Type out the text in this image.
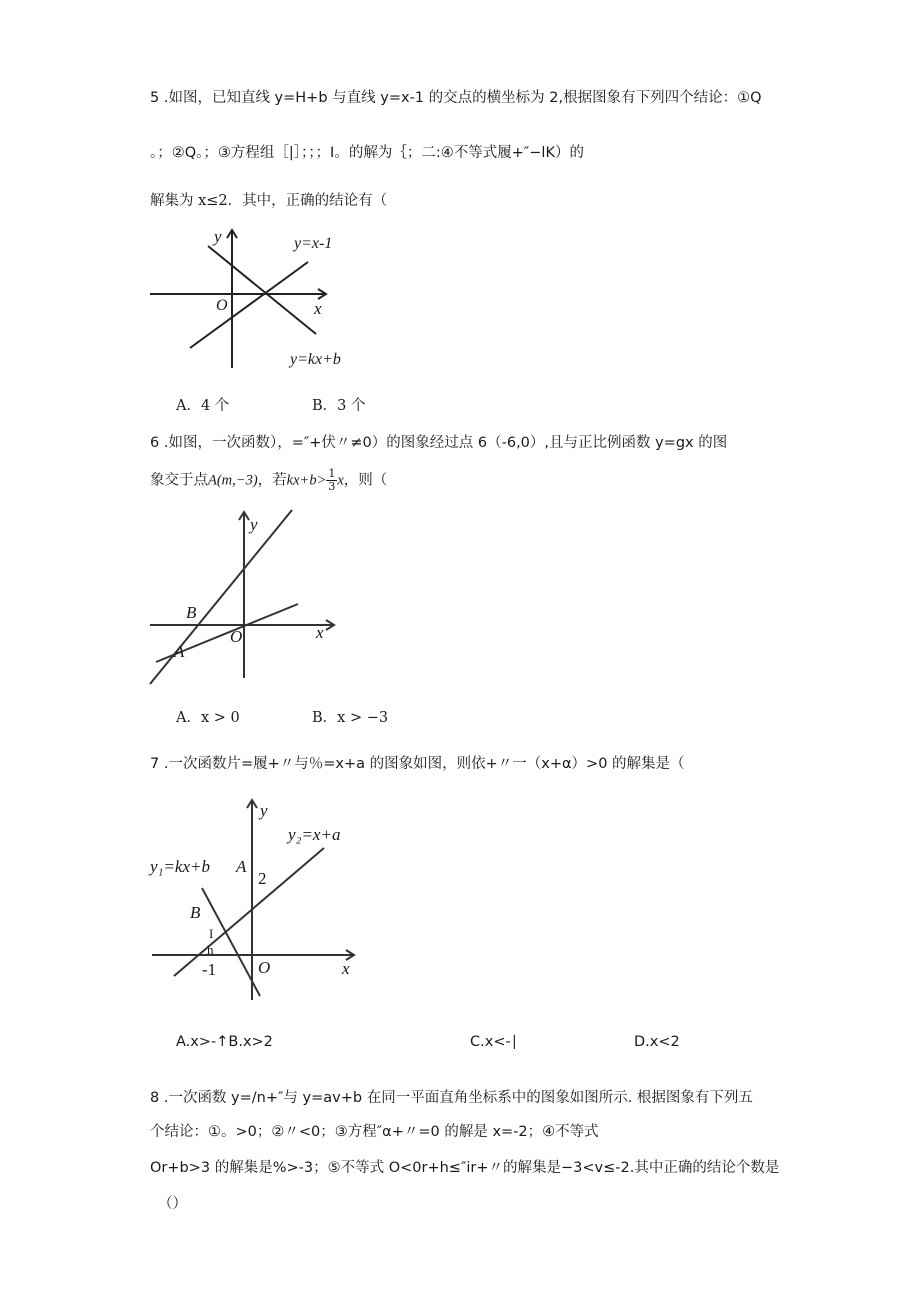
5 .如图，已知直线 y=H+b 与直线 y=x-1 的交点的横坐标为 2,根据图象有下列四个结论：①Q
。；②Q。；③方程组［|］；；；I。的解为｛；二:④不等式履+″−lK）的
解集为 x≤2．其中，正确的结论有（
y
x
O
y=x-1
y=kx+b
A．4 个	B．3 个
6 .如图，一次函数），=″+伏〃≠0）的图象经过点 6（-6,0）,且与正比例函数 y=gx 的图
象交于点A(m,−3)，若$kx+b> \frac{1}{3}$ x，则（
y
x
O
B
A
A．x > 0	B．x > −3
7 .一次函数片=履+〃与％=x+a 的图象如图，则依+〃一（x+α）>0 的解集是（
y
x
O
y₂=x+a
y₁=kx+b A
B
2
-1
I
h
A.x>-↑B.x>2	C.x<-∣	D.x<2
8 .一次函数 y=/n+″与 y=av+b 在同一平面直角坐标系中的图象如图所示. 根据图象有下列五
个结论：①。>0；②〃<0；③方程″α+〃=0 的解是 x=-2；④不等式
Or+b>3 的解集是%>-3；⑤不等式 O<0r+h≤″ir+〃的解集是−3<v≤-2.其中正确的结论个数是
（）
